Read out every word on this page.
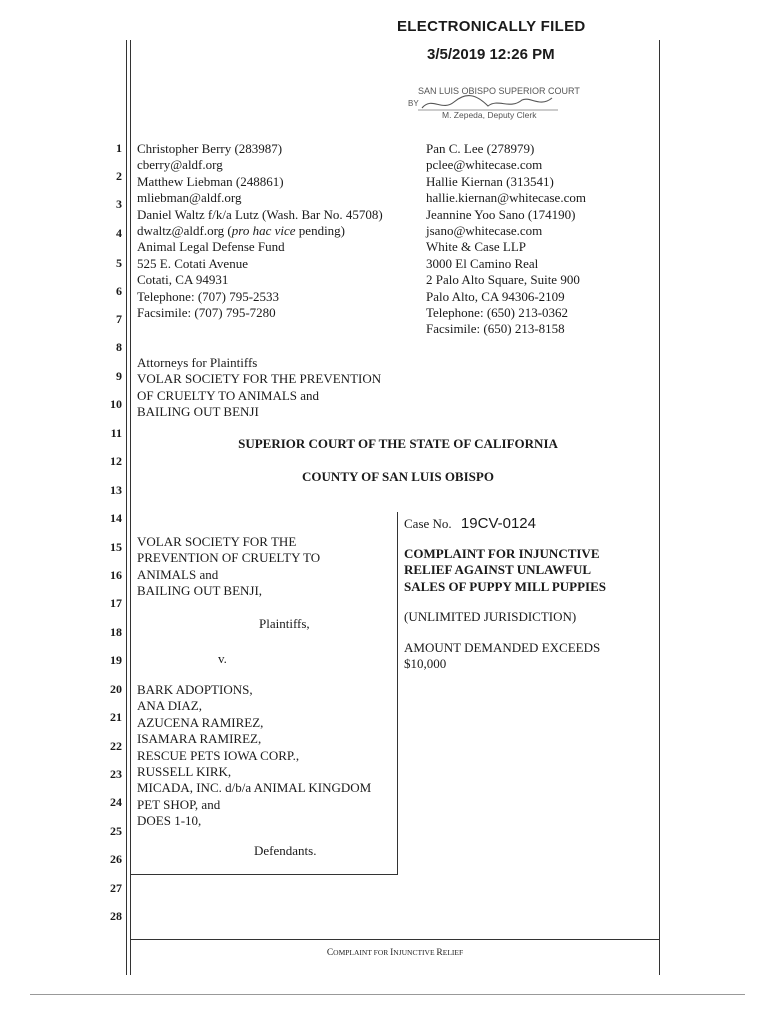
ELECTRONICALLY FILED
3/5/2019 12:26 PM
SAN LUIS OBISPO SUPERIOR COURT
BY
M. Zepeda, Deputy Clerk
1
2
3
4
5
6
7
8
9
10
11
12
13
14
15
16
17
18
19
20
21
22
23
24
25
26
27
28
Christopher Berry (283987)
cberry@aldf.org
Matthew Liebman (248861)
mliebman@aldf.org
Daniel Waltz f/k/a Lutz (Wash. Bar No. 45708)
dwaltz@aldf.org (pro hac vice pending)
Animal Legal Defense Fund
525 E. Cotati Avenue
Cotati, CA 94931
Telephone: (707) 795-2533
Facsimile: (707) 795-7280
Pan C. Lee (278979)
pclee@whitecase.com
Hallie Kiernan (313541)
hallie.kiernan@whitecase.com
Jeannine Yoo Sano (174190)
jsano@whitecase.com
White & Case LLP
3000 El Camino Real
2 Palo Alto Square, Suite 900
Palo Alto, CA 94306-2109
Telephone: (650) 213-0362
Facsimile: (650) 213-8158
Attorneys for Plaintiffs
VOLAR SOCIETY FOR THE PREVENTION
OF CRUELTY TO ANIMALS and
BAILING OUT BENJI
SUPERIOR COURT OF THE STATE OF CALIFORNIA
COUNTY OF SAN LUIS OBISPO
VOLAR SOCIETY FOR THE
PREVENTION OF CRUELTY TO
ANIMALS and
BAILING OUT BENJI,
Plaintiffs,
v.
BARK ADOPTIONS,
ANA DIAZ,
AZUCENA RAMIREZ,
ISAMARA RAMIREZ,
RESCUE PETS IOWA CORP.,
RUSSELL KIRK,
MICADA, INC. d/b/a ANIMAL KINGDOM
PET SHOP, and
DOES 1-10,
Defendants.
Case No. 19CV-0124
COMPLAINT FOR INJUNCTIVE
RELIEF AGAINST UNLAWFUL
SALES OF PUPPY MILL PUPPIES
(UNLIMITED JURISDICTION)
AMOUNT DEMANDED EXCEEDS
$10,000
COMPLAINT FOR INJUNCTIVE RELIEF
